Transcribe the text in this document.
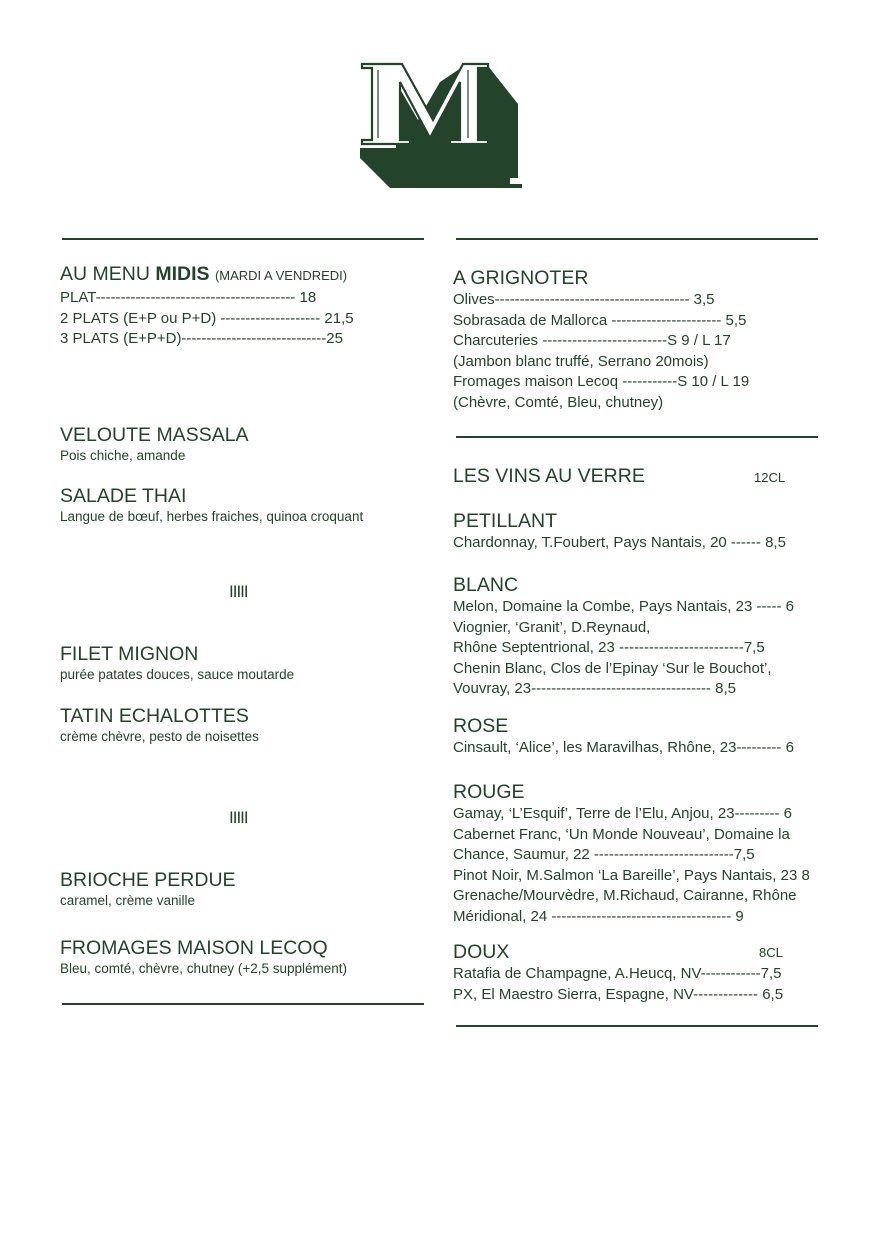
AU MENU MIDIS (MARDI A VENDREDI)
PLAT---------------------------------------- 18
2 PLATS (E+P ou P+D) -------------------- 21,5
3 PLATS (E+P+D)-----------------------------25
VELOUTE MASSALA
Pois chiche, amande
SALADE THAI
Langue de bœuf, herbes fraiches, quinoa croquant
IIIII
FILET MIGNON
purée patates douces, sauce moutarde
TATIN ECHALOTTES
crème chèvre, pesto de noisettes
IIIII
BRIOCHE PERDUE
caramel, crème vanille
FROMAGES MAISON LECOQ
Bleu, comté, chèvre, chutney (+2,5 supplément)
A GRIGNOTER
Olives--------------------------------------- 3,5
Sobrasada de Mallorca ---------------------- 5,5
Charcuteries -------------------------S 9 / L 17
(Jambon blanc truffé, Serrano 20mois)
Fromages maison Lecoq -----------S 10 / L 19
(Chèvre, Comté, Bleu, chutney)
LES VINS AU VERRE	12CL
PETILLANT
Chardonnay, T.Foubert, Pays Nantais, 20 ------ 8,5
BLANC
Melon, Domaine la Combe, Pays Nantais, 23 ----- 6
Viognier, ‘Granit’, D.Reynaud,
Rhône Septentrional, 23 -------------------------7,5
Chenin Blanc, Clos de l’Epinay ‘Sur le Bouchot’,
Vouvray, 23------------------------------------ 8,5
ROSE
Cinsault, ‘Alice’, les Maravilhas, Rhône, 23--------- 6
ROUGE
Gamay, ‘L’Esquif’, Terre de l’Elu, Anjou, 23--------- 6
Cabernet Franc, ‘Un Monde Nouveau’, Domaine la
Chance, Saumur, 22 ----------------------------7,5
Pinot Noir, M.Salmon ‘La Bareille’, Pays Nantais, 23 8
Grenache/Mourvèdre, M.Richaud, Cairanne, Rhône
Méridional, 24 ------------------------------------ 9
DOUX
Ratafia de Champagne, A.Heucq, NV------------7,5
PX, El Maestro Sierra, Espagne, NV------------- 6,5
8CL
